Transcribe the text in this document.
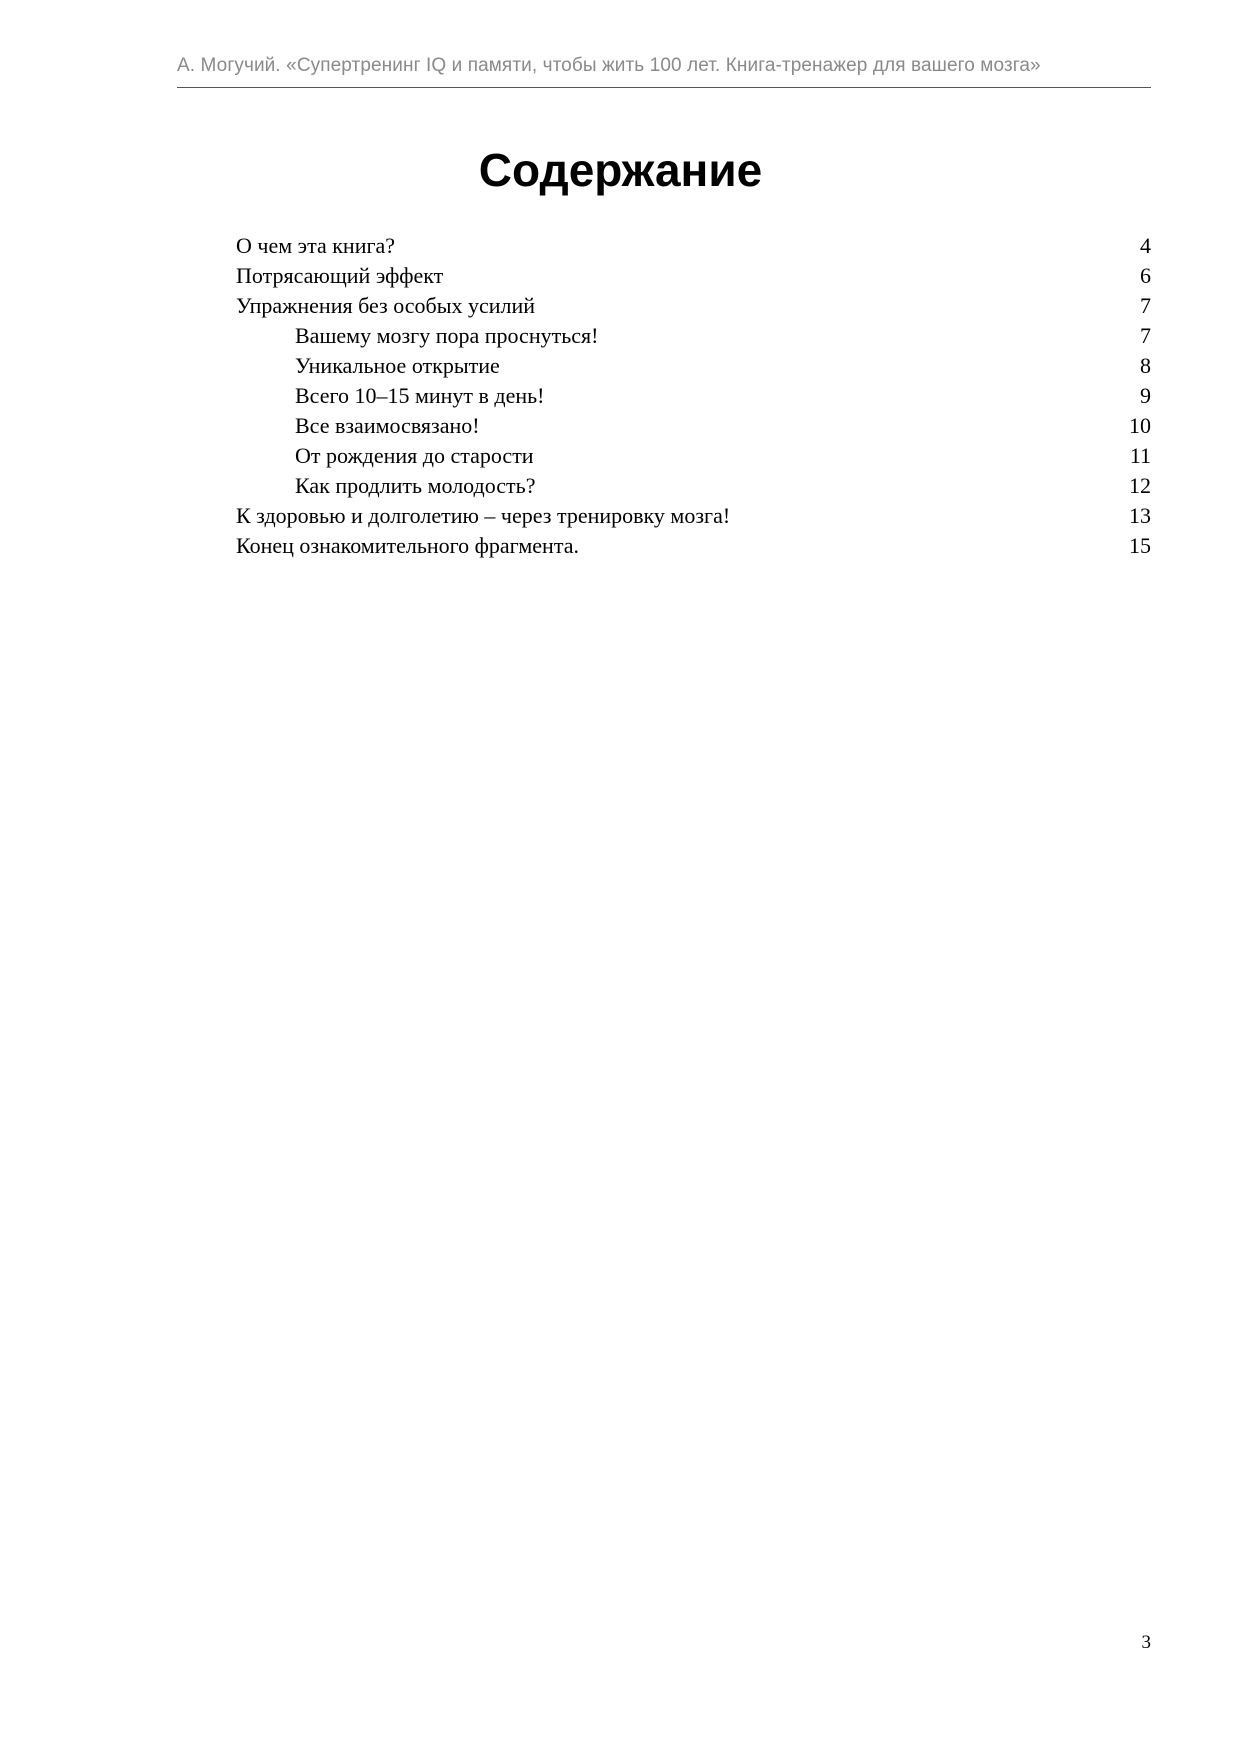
А. Могучий. «Супертренинг IQ и памяти, чтобы жить 100 лет. Книга-тренажер для вашего мозга»
Содержание
О чем эта книга?	4
Потрясающий эффект	6
Упражнения без особых усилий	7
Вашему мозгу пора проснуться!	7
Уникальное открытие	8
Всего 10–15 минут в день!	9
Все взаимосвязано!	10
От рождения до старости	11
Как продлить молодость?	12
К здоровью и долголетию – через тренировку мозга!	13
Конец ознакомительного фрагмента.	15
3
